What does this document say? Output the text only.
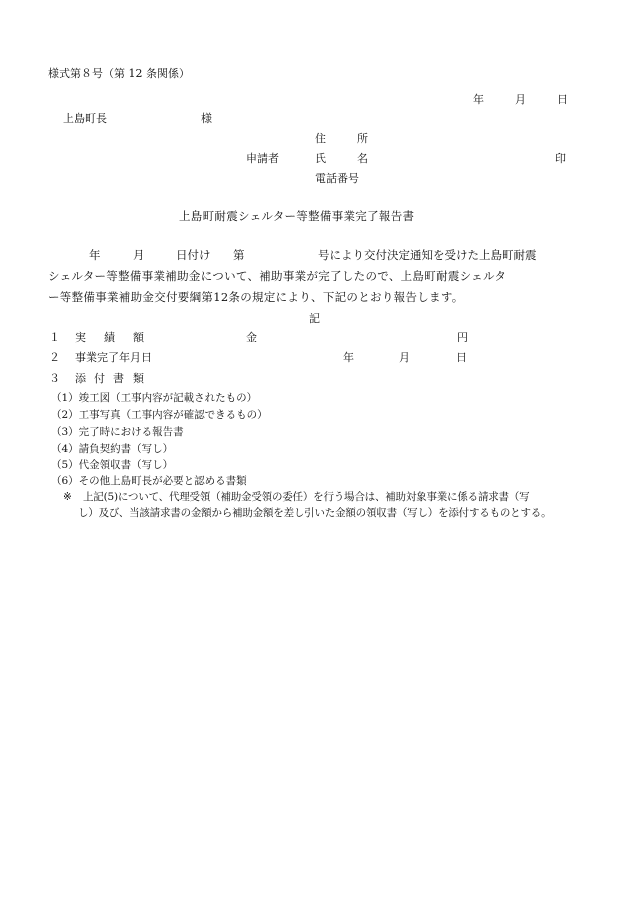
様式第８号（第 12 条関係）
年	月	日
上島町長	様
住	所
申請者	氏	名	印
電話番号
上島町耐震シェルター等整備事業完了報告書
年	月	日付け 第	号により交付決定通知を受けた上島町耐震
シェルター等整備事業補助金について、補助事業が完了したので、上島町耐震シェルタ
ー等整備事業補助金交付要綱第12条の規定により、下記のとおり報告します。
記
１ 実 績 額	金	円
２ 事業完了年月日	年	月	日
３ 添 付 書 類
（1）竣工図（工事内容が記載されたもの）
（2）工事写真（工事内容が確認できるもの）
（3）完了時における報告書
（4）請負契約書（写し）
（5）代金領収書（写し）
（6）その他上島町長が必要と認める書類
※ 上記(5)について、代理受領（補助金受領の委任）を行う場合は、補助対象事業に係る請求書（写
し）及び、当該請求書の金額から補助金額を差し引いた金額の領収書（写し）を添付するものとする。
